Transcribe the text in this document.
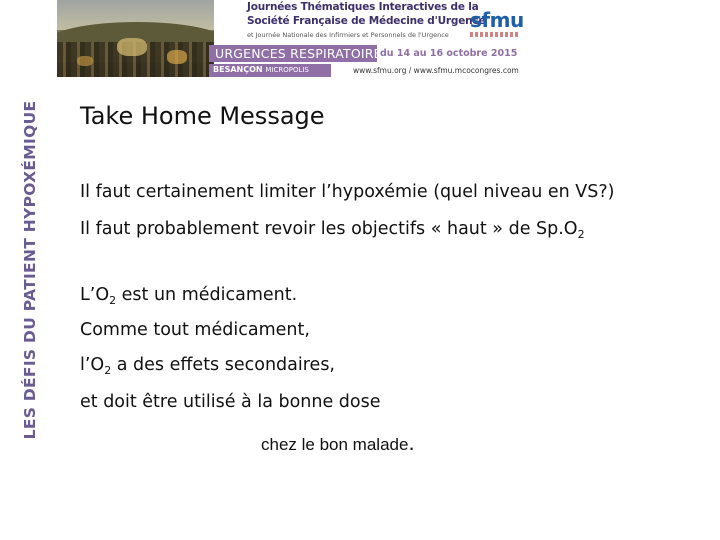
LES DÉFIS DU PATIENT HYPOXÉMIQUE
Journées Thématiques Interactives de la
Société Française de Médecine d'Urgence
et Journée Nationale des Infirmiers et Personnels de l'Urgence
sfmu
URGENCES RESPIRATOIRES
du 14 au 16 octobre 2015
BESANÇON MICROPOLIS	www.sfmu.org / www.sfmu.mcocongres.com
Take Home Message
Il faut certainement limiter l’hypoxémie (quel niveau en VS?)
Il faut probablement revoir les objectifs « haut » de $Sp.O_2$
$L’O_2$ est un médicament.
Comme tout médicament,
$l’O_2$ a des effets secondaires,
et doit être utilisé à la bonne dose
chez le bon malade.
